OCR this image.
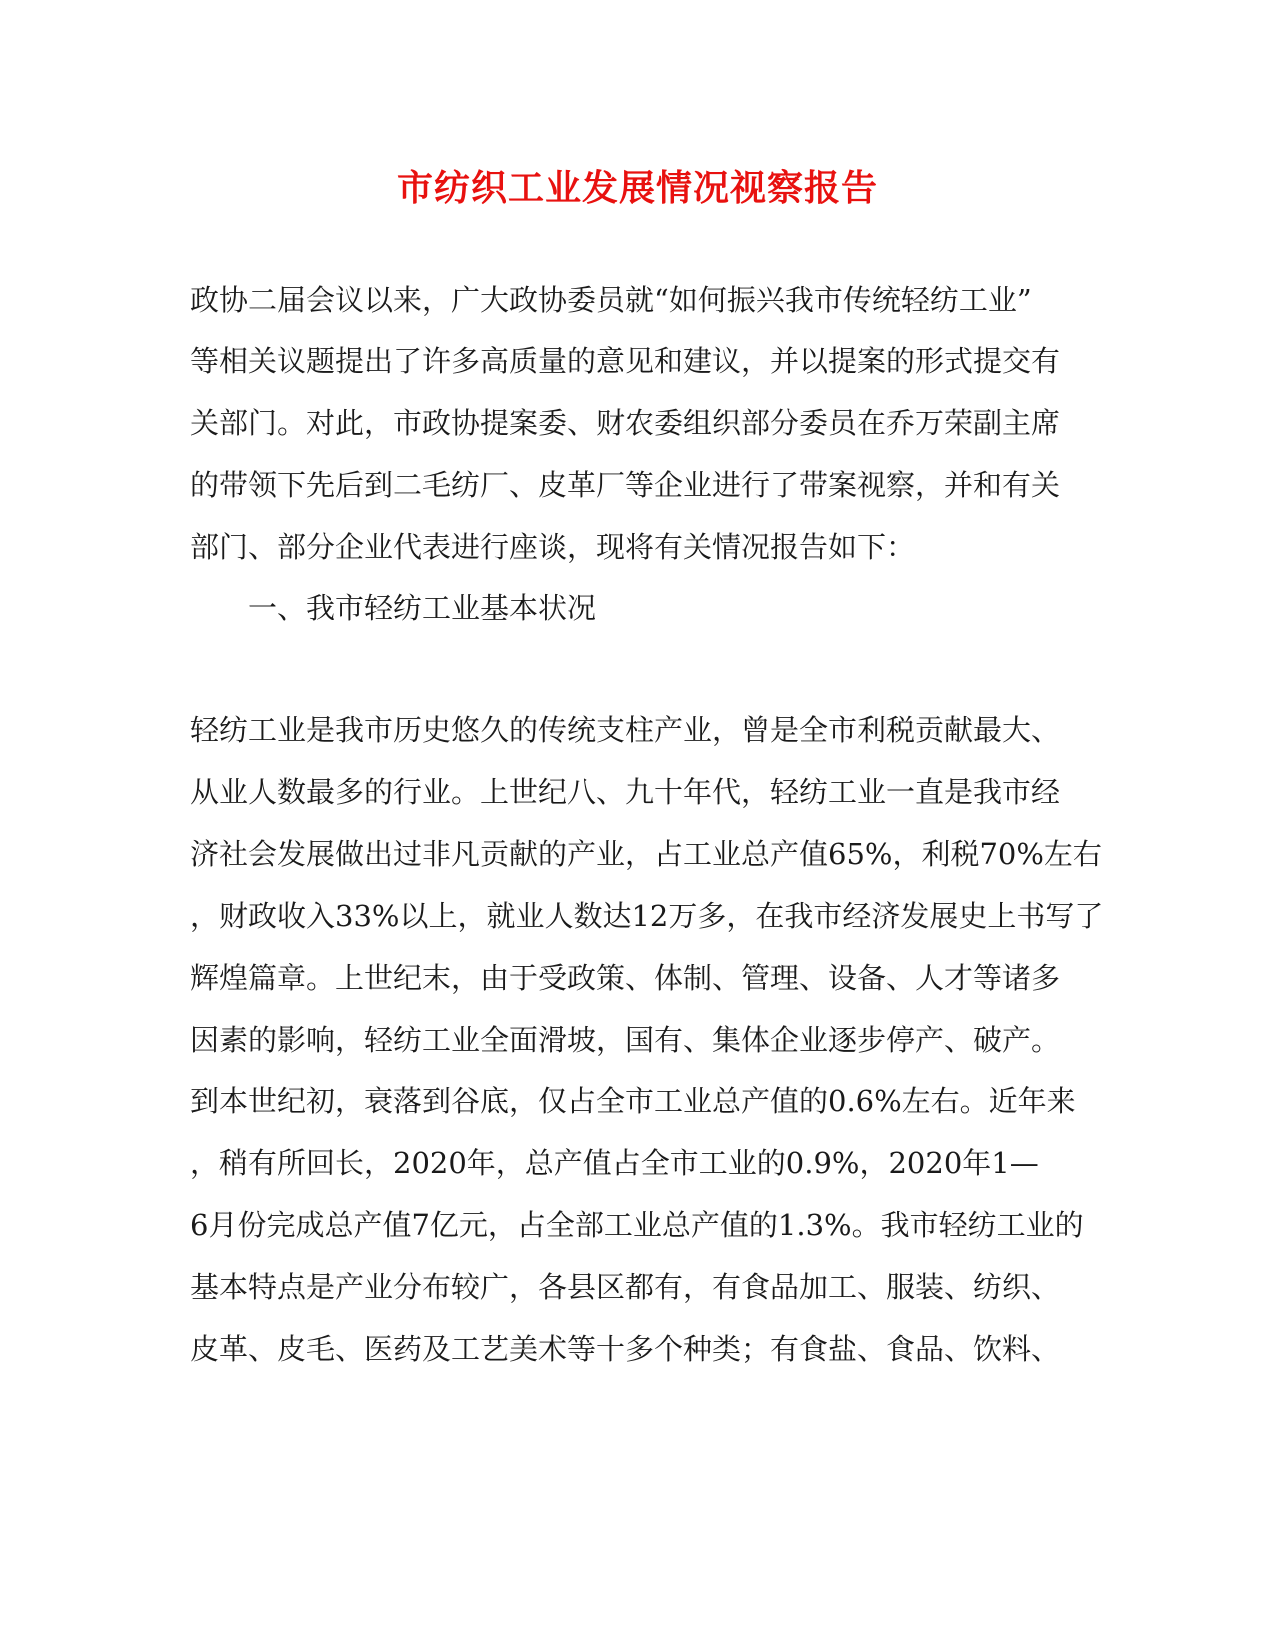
市纺织工业发展情况视察报告

政协二届会议以来，广大政协委员就“如何振兴我市传统轻纺工业”

等相关议题提出了许多高质量的意见和建议，并以提案的形式提交有

关部门。对此，市政协提案委、财农委组织部分委员在乔万荣副主席

的带领下先后到二毛纺厂、皮革厂等企业进行了带案视察，并和有关

部门、部分企业代表进行座谈，现将有关情况报告如下：

一、我市轻纺工业基本状况

轻纺工业是我市历史悠久的传统支柱产业，曾是全市利税贡献最大、

从业人数最多的行业。上世纪八、九十年代，轻纺工业一直是我市经

济社会发展做出过非凡贡献的产业，占工业总产值65%，利税70%左右

，财政收入33%以上，就业人数达12万多，在我市经济发展史上书写了

辉煌篇章。上世纪末，由于受政策、体制、管理、设备、人才等诸多

因素的影响，轻纺工业全面滑坡，国有、集体企业逐步停产、破产。

到本世纪初，衰落到谷底，仅占全市工业总产值的0.6%左右。近年来

，稍有所回长，2020年，总产值占全市工业的0.9%，2020年1—

6月份完成总产值7亿元，占全部工业总产值的1.3%。我市轻纺工业的

基本特点是产业分布较广，各县区都有，有食品加工、服装、纺织、

皮革、皮毛、医药及工艺美术等十多个种类；有食盐、食品、饮料、
